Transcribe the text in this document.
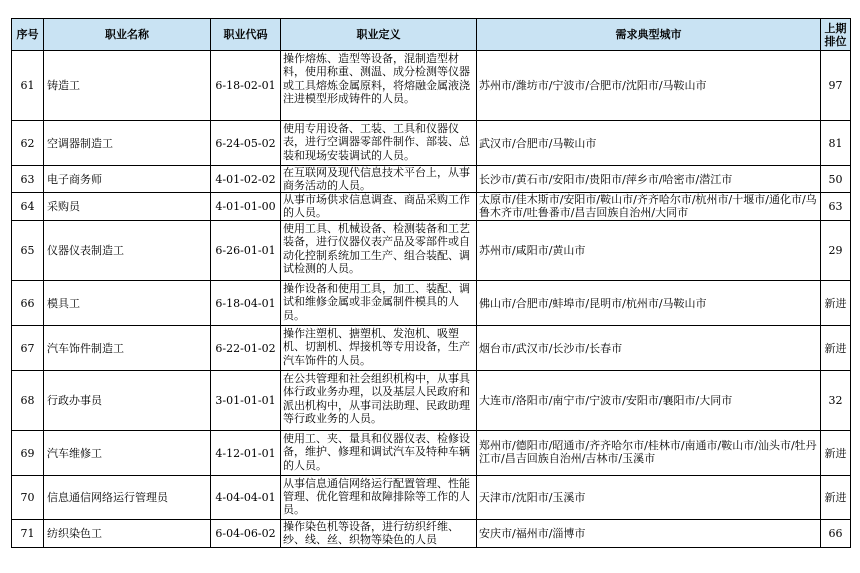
序号	职业名称	职业代码	职业定义	需求典型城市	上期
排位
61	铸造工	6-18-02-01	操作熔炼、造型等设备，混制造型材料，使用称重、测温、成分检测等仪器或工具熔炼金属原料，将熔融金属液浇注进模型形成铸件的人员。	苏州市/潍坊市/宁波市/合肥市/沈阳市/马鞍山市	97
62	空调器制造工	6-24-05-02	使用专用设备、工装、工具和仪器仪表，进行空调器零部件制作、部装、总装和现场安装调试的人员。	武汉市/合肥市/马鞍山市	81
63	电子商务师	4-01-02-02	在互联网及现代信息技术平台上，从事商务活动的人员。	长沙市/黄石市/安阳市/贵阳市/萍乡市/哈密市/潜江市	50
64	采购员	4-01-01-00	从事市场供求信息调查、商品采购工作的人员。	太原市/佳木斯市/安阳市/鞍山市/齐齐哈尔市/杭州市/十堰市/通化市/乌鲁木齐市/吐鲁番市/昌吉回族自治州/大同市	63
65	仪器仪表制造工	6-26-01-01	使用工具、机械设备、检测装备和工艺装备，进行仪器仪表产品及零部件或自动化控制系统加工生产、组合装配、调试检测的人员。	苏州市/咸阳市/黄山市	29
66	模具工	6-18-04-01	操作设备和使用工具，加工、装配、调试和维修金属或非金属制件模具的人员。	佛山市/合肥市/蚌埠市/昆明市/杭州市/马鞍山市	新进
67	汽车饰件制造工	6-22-01-02	操作注塑机、搪塑机、发泡机、吸塑机、切割机、焊接机等专用设备，生产汽车饰件的人员。	烟台市/武汉市/长沙市/长春市	新进
68	行政办事员	3-01-01-01	在公共管理和社会组织机构中，从事具体行政业务办理，以及基层人民政府和派出机构中，从事司法助理、民政助理等行政业务的人员。	大连市/洛阳市/南宁市/宁波市/安阳市/襄阳市/大同市	32
69	汽车维修工	4-12-01-01	使用工、夹、量具和仪器仪表、检修设备，维护、修理和调试汽车及特种车辆的人员。	郑州市/德阳市/昭通市/齐齐哈尔市/桂林市/南通市/鞍山市/汕头市/牡丹江市/昌吉回族自治州/吉林市/玉溪市	新进
70	信息通信网络运行管理员	4-04-04-01	从事信息通信网络运行配置管理、性能管理、优化管理和故障排除等工作的人员。	天津市/沈阳市/玉溪市	新进
71	纺织染色工	6-04-06-02	操作染色机等设备，进行纺织纤维、纱、线、丝、织物等染色的人员	安庆市/福州市/淄博市	66
